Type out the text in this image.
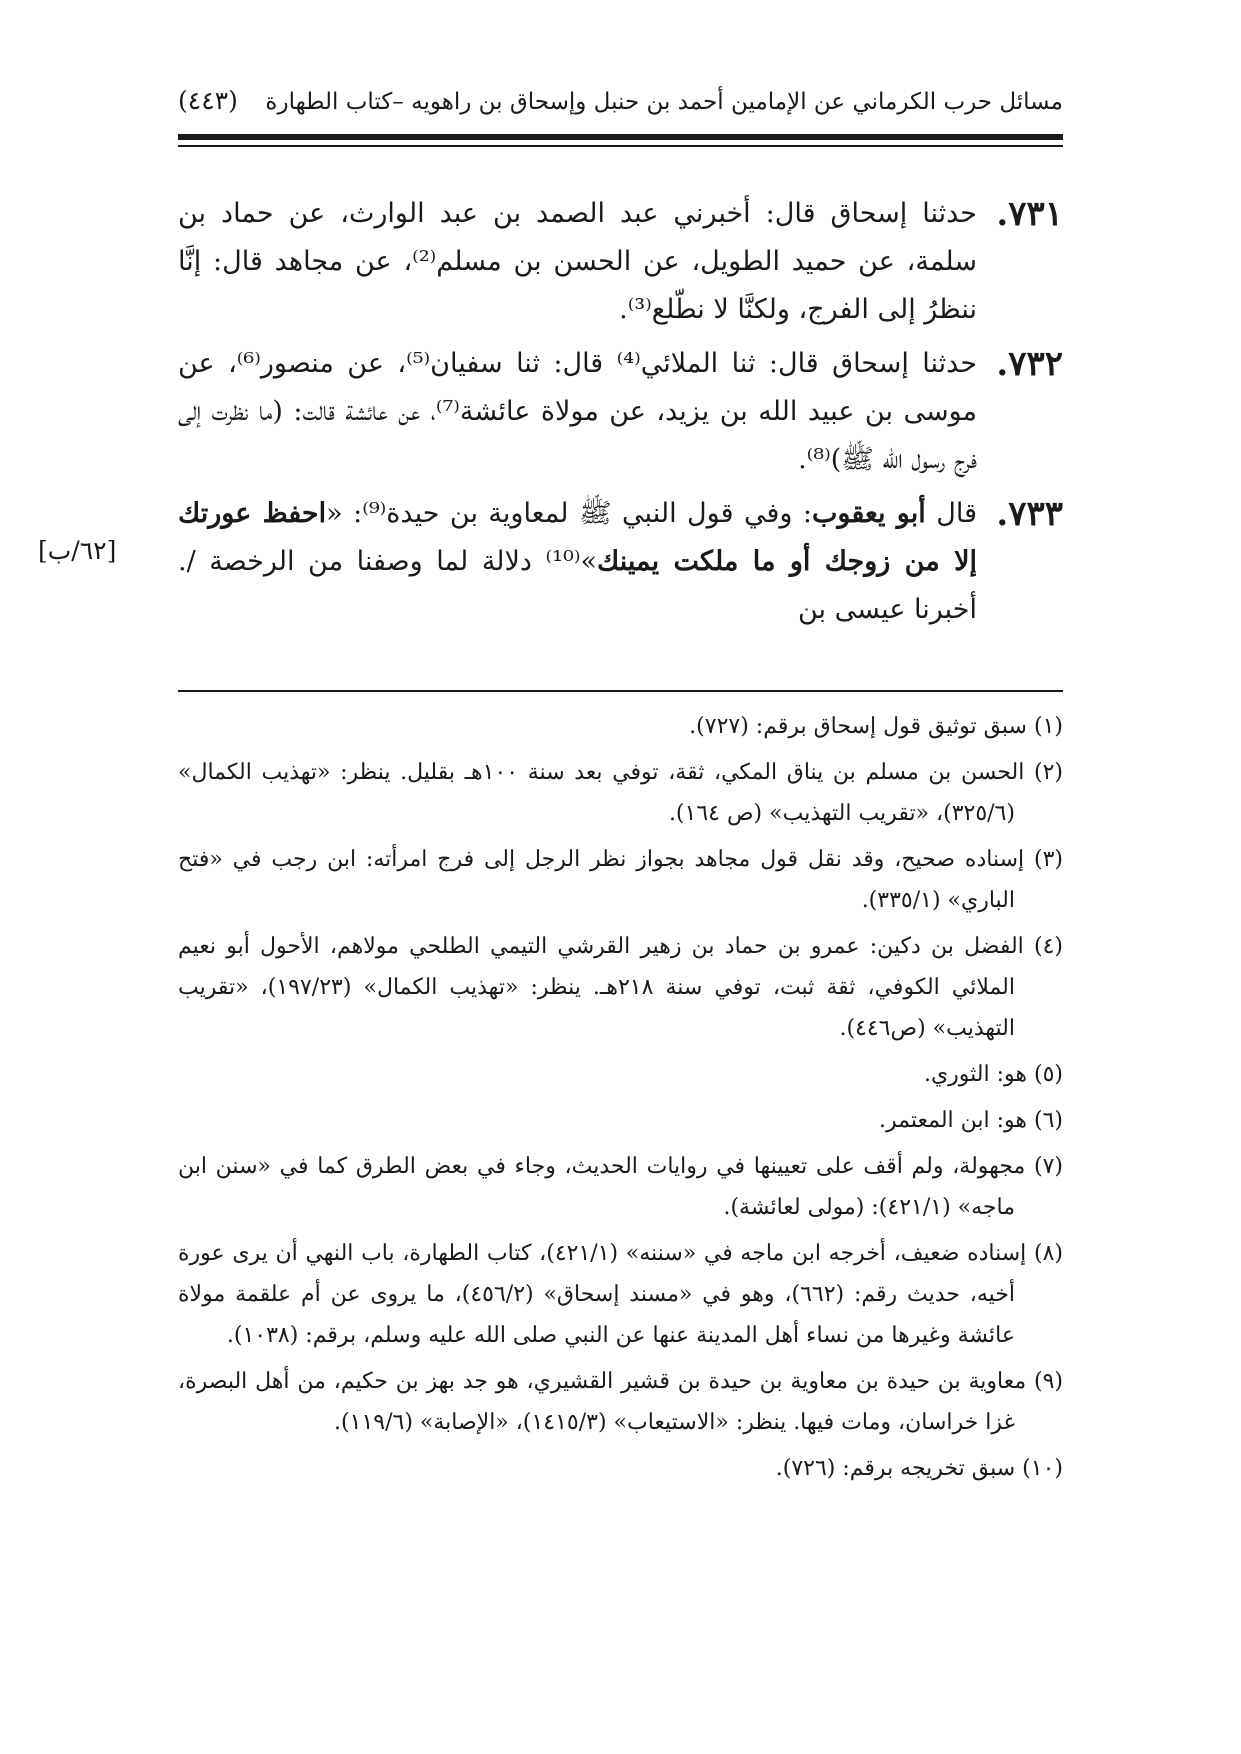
مسائل حرب الكرماني عن الإمامين أحمد بن حنبل وإسحاق بن راهويه –كتاب الطهارة
(٤٤٣)
[٦٢/ب]

٧٣١.
حدثنا إسحاق قال: أخبرني عبد الصمد بن عبد الوارث، عن حماد بن سلمة، عن حميد الطويل، عن الحسن بن مسلم⁽²⁾، عن مجاهد قال: إنَّا ننظرُ إلى الفرج، ولكنَّا لا نطّلع⁽³⁾.

٧٣٢.
حدثنا إسحاق قال: ثنا الملائي⁽⁴⁾ قال: ثنا سفيان⁽⁵⁾، عن منصور⁽⁶⁾، عن موسى بن عبيد الله بن يزيد، عن مولاة عائشة⁽⁷⁾، عن عائشة قالت: (ما نظرت إلى فرج رسول الله ﷺ)⁽⁸⁾.

٧٣٣.
قال أبو يعقوب: وفي قول النبي ﷺ لمعاوية بن حيدة⁽⁹⁾: «احفظ عورتك إلا من زوجك أو ما ملكت يمينك»⁽¹⁰⁾ دلالة لما وصفنا من الرخصة /. أخبرنا عيسى بن

(١) سبق توثيق قول إسحاق برقم: (٧٢٧).

(٢) الحسن بن مسلم بن يناق المكي، ثقة، توفي بعد سنة ١٠٠هـ بقليل. ينظر: «تهذيب الكمال» (٣٢٥/٦)، «تقريب التهذيب» (ص ١٦٤).

(٣) إسناده صحيح، وقد نقل قول مجاهد بجواز نظر الرجل إلى فرج امرأته: ابن رجب في «فتح الباري» (٣٣٥/١).

(٤) الفضل بن دكين: عمرو بن حماد بن زهير القرشي التيمي الطلحي مولاهم، الأحول أبو نعيم الملائي الكوفي، ثقة ثبت، توفي سنة ٢١٨هـ. ينظر: «تهذيب الكمال» (١٩٧/٢٣)، «تقريب التهذيب» (ص٤٤٦).

(٥) هو: الثوري.

(٦) هو: ابن المعتمر.

(٧) مجهولة، ولم أقف على تعيينها في روايات الحديث، وجاء في بعض الطرق كما في «سنن ابن ماجه» (٤٢١/١): (مولى لعائشة).

(٨) إسناده ضعيف، أخرجه ابن ماجه في «سننه» (٤٢١/١)، كتاب الطهارة، باب النهي أن يرى عورة أخيه، حديث رقم: (٦٦٢)، وهو في «مسند إسحاق» (٤٥٦/٢)، ما يروى عن أم علقمة مولاة عائشة وغيرها من نساء أهل المدينة عنها عن النبي صلى الله عليه وسلم، برقم: (١٠٣٨).

(٩) معاوية بن حيدة بن معاوية بن حيدة بن قشير القشيري، هو جد بهز بن حكيم، من أهل البصرة، غزا خراسان، ومات فيها. ينظر: «الاستيعاب» (١٤١٥/٣)، «الإصابة» (١١٩/٦).

(١٠) سبق تخريجه برقم: (٧٢٦).
